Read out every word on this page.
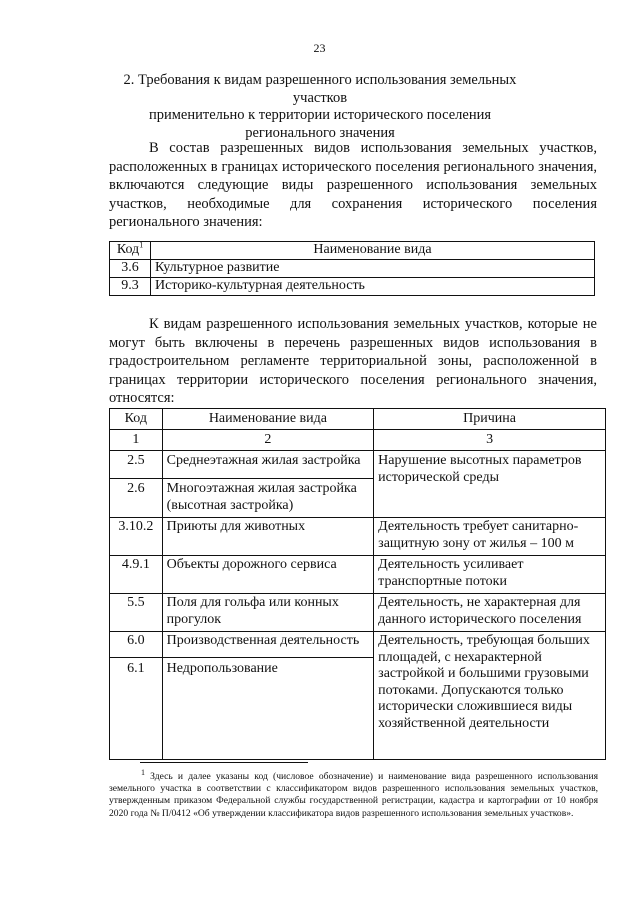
23
2. Требования к видам разрешенного использования земельных участков
применительно к территории исторического поселения
регионального значения

В состав разрешенных видов использования земельных участков, расположенных в границах исторического поселения регионального значения, включаются следующие виды разрешенного использования земельных участков, необходимые для сохранения исторического поселения регионального значения:

Код$^1$	Наименование вида
3.6	Культурное развитие
9.3	Историко-культурная деятельность

К видам разрешенного использования земельных участков, которые не могут быть включены в перечень разрешенных видов использования в градостроительном регламенте территориальной зоны, расположенной в границах территории исторического поселения регионального значения, относятся:

Код	Наименование вида	Причина
1	2	3
2.5	Среднеэтажная жилая застройка	Нарушение высотных параметров исторической среды
2.6	Многоэтажная жилая застройка (высотная застройка)	
3.10.2	Приюты для животных	Деятельность требует санитарно-защитную зону от жилья – 100 м
4.9.1	Объекты дорожного сервиса	Деятельность усиливает транспортные потоки
5.5	Поля для гольфа или конных прогулок	Деятельность, не характерная для данного исторического поселения
6.0	Производственная деятельность	Деятельность, требующая больших площадей, с нехарактерной застройкой и большими грузовыми потоками. Допускаются только исторически сложившиеся виды хозяйственной деятельности
6.1	Недропользование	

$^1$ Здесь и далее указаны код (числовое обозначение) и наименование вида разрешенного использования земельного участка в соответствии с классификатором видов разрешенного использования земельных участков, утвержденным приказом Федеральной службы государственной регистрации, кадастра и картографии от 10 ноября 2020 года № П/0412 «Об утверждении классификатора видов разрешенного использования земельных участков».
